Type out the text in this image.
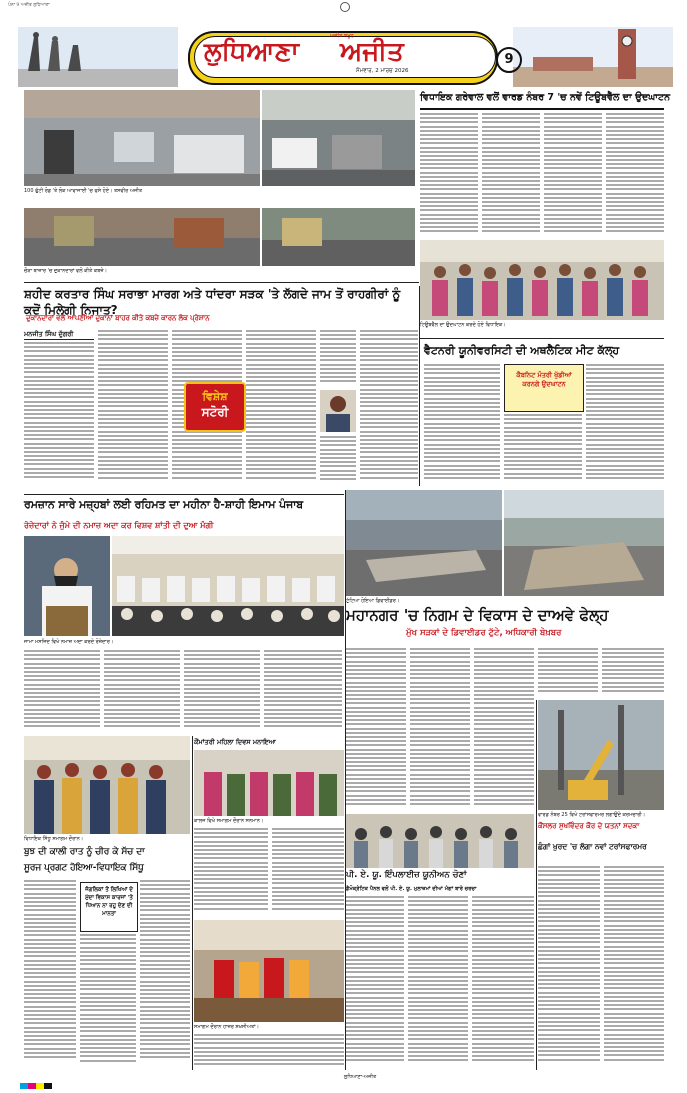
ਪੰਨਾ 9 ਅਜੀਤ ਲੁਧਿਆਣਾ
ਲੁਧਿਆਣਾ
ਅਜੀਤ ਸਮੂਹ
ਅਜੀਤ
ਸੋਮਵਾਰ, 2 ਮਾਰਚ 2026
9
100 ਫੁੱਟੀ ਰੋਡ 'ਤੇ ਲੋਕ ਆਵਾਜਾਈ 'ਚ ਫਸੇ ਹੋਏ। ਤਸਵੀਰ ਅਜੀਤ
ਚੌੜਾ ਬਾਜ਼ਾਰ 'ਚ ਦੁਕਾਨਦਾਰਾਂ ਵਲੋਂ ਕੀਤੇ ਕਬਜ਼ੇ।
ਵਿਧਾਇਕ ਗਰੇਵਾਲ ਵਲੋਂ ਵਾਰਡ ਨੰਬਰ 7 'ਚ ਨਵੇਂ ਟਿਊਬਵੈੱਲ ਦਾ ਉਦਘਾਟਨ
ਟਿਊਬਵੈੱਲ ਦਾ ਉਦਘਾਟਨ ਕਰਦੇ ਹੋਏ ਵਿਧਾਇਕ।
ਸ਼ਹੀਦ ਕਰਤਾਰ ਸਿੰਘ ਸਰਾਭਾ ਮਾਰਗ ਅਤੇ ਧਾਂਦਰਾ ਸੜਕ 'ਤੇ ਲੱਗਦੇ ਜਾਮ ਤੋਂ ਰਾਹਗੀਰਾਂ ਨੂੰ ਕਦੋਂ ਮਿਲੇਗੀ ਨਿਜਾਤ?
ਦੁਕਾਨਦਾਰਾਂ ਵਲੋਂ ਆਪਣੀਆਂ ਦੁਕਾਨਾਂ ਬਾਹਰ ਕੀਤੇ ਕਬਜ਼ੇ ਕਾਰਨ ਲੋਕ ਪ੍ਰੇਸ਼ਾਨ
ਮਨਜੀਤ ਸਿੰਘ ਦੁੱਗਰੀ
ਵਿਸ਼ੇਸ਼
ਸਟੋਰੀ
ਵੈਟਨਰੀ ਯੂਨੀਵਰਸਿਟੀ ਦੀ ਅਥਲੈਟਿਕ ਮੀਟ ਕੱਲ੍ਹ
ਕੈਬਨਿਟ ਮੰਤਰੀ ਖੁੱਡੀਆਂ ਕਰਨਗੇ ਉਦਘਾਟਨ
ਰਮਜ਼ਾਨ ਸਾਰੇ ਮਜ਼੍ਹਬਾਂ ਲਈ ਰਹਿਮਤ ਦਾ ਮਹੀਨਾ ਹੈ-ਸ਼ਾਹੀ ਇਮਾਮ ਪੰਜਾਬ
ਰੋਜ਼ੇਦਾਰਾਂ ਨੇ ਜੁੰਮੇ ਦੀ ਨਮਾਜ਼ ਅਦਾ ਕਰ ਵਿਸ਼ਵ ਸ਼ਾਂਤੀ ਦੀ ਦੁਆ ਮੰਗੀ
ਜਾਮਾ ਮਸਜਿਦ ਵਿਖੇ ਨਮਾਜ਼ ਅਦਾ ਕਰਦੇ ਰੋਜ਼ੇਦਾਰ।
ਟੁੱਟਿਆ ਹੋਇਆ ਡਿਵਾਈਡਰ।
ਮਹਾਨਗਰ 'ਚ ਨਿਗਮ ਦੇ ਵਿਕਾਸ ਦੇ ਦਾਅਵੇ ਫੇਲ੍ਹ
ਮੁੱਖ ਸੜਕਾਂ ਦੇ ਡਿਵਾਈਡਰ ਟੁੱਟੇ, ਅਧਿਕਾਰੀ ਬੇਖ਼ਬਰ
ਵਾਰਡ ਨੰਬਰ 25 ਵਿਖੇ ਟਰਾਂਸਫਾਰਮਰ ਲਗਾਉਂਦੇ ਕਰਮਚਾਰੀ।
ਕੌਂਸਲਰ ਸੁਖਵਿੰਦਰ ਕੌਰ ਦੇ ਯਤਨਾਂ ਸਦਕਾ
ਛੰਗਾਂ ਖੁਰਦ 'ਚ ਲੱਗਾ ਨਵਾਂ ਟਰਾਂਸਫਾਰਮਰ
ਕੌਂਮਾਂਤਰੀ ਮਹਿਲਾ ਦਿਵਸ ਮਨਾਇਆ
ਵਿਧਾਇਕ ਸਿੱਧੂ ਸਮਾਗਮ ਦੌਰਾਨ।
ਕਾਲਜ ਵਿਖੇ ਸਮਾਗਮ ਦੌਰਾਨ ਸਨਮਾਨ।
ਬੁਝ ਦੀ ਕਾਲੀ ਰਾਤ ਨੂੰ ਚੀਰ ਕੇ ਸੱਚ ਦਾ
ਸੂਰਜ ਪ੍ਰਗਟ ਹੋਇਆ-ਵਿਧਾਇਕ ਸਿੱਧੂ
ਜੰਗਲਿਕਾਂ ਤੋਂ ਲਿਖਿਆਂ ਦੇ ਮੁੱਦਾ ਵਿਕਾਸ ਕਾਰਜਾਂ 'ਤੇ ਧਿਆਨ ਨਾ ਰਹੂ ਦੇਣ ਦੀ ਮਾਨਤਾ
ਪੀ. ਏ. ਯੂ. ਇੰਪਲਾਈਜ਼ ਯੂਨੀਅਨ ਚੋਣਾਂ
ਡੈਮੋਕ੍ਰੇਟਿਕ ਪੈਨਲ ਵਲੋਂ ਪੀ. ਏ. ਯੂ. ਮੁਲਾਜ਼ਮਾਂ ਦੀਆਂ ਮੰਗਾਂ ਬਾਰੇ ਚਰਚਾ
ਸਮਾਗਮ ਦੌਰਾਨ ਹਾਜ਼ਰ ਸ਼ਖ਼ਸੀਅਤਾਂ।
ਲੁਧਿਆਣਾ-ਅਜੀਤ
